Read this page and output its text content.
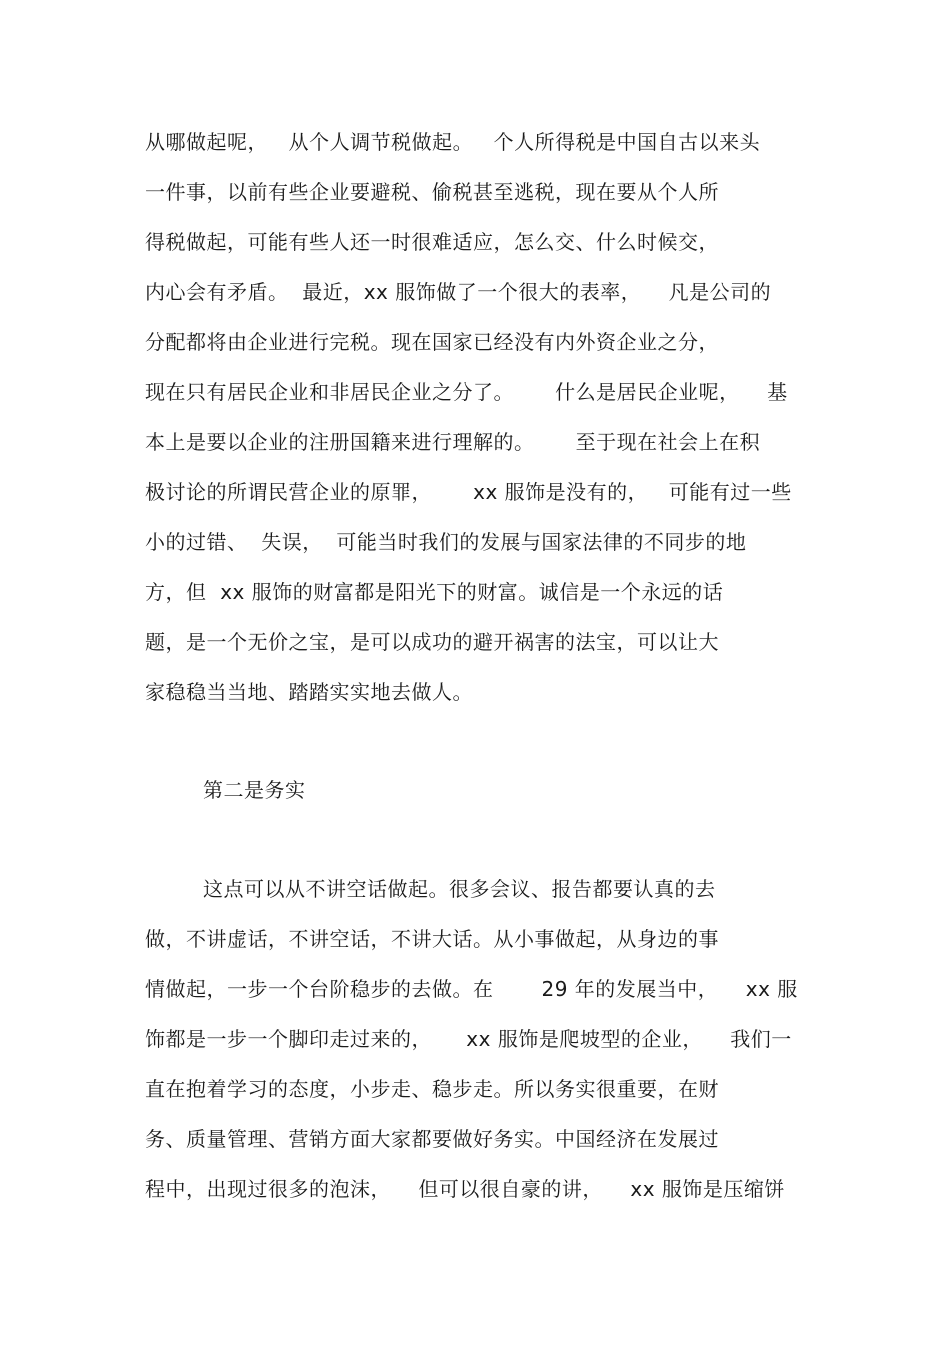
从哪做起呢，   从个人调节税做起。   个人所得税是中国自古以来头
一件事，以前有些企业要避税、偷税甚至逃税，现在要从个人所
得税做起，可能有些人还一时很难适应，怎么交、什么时候交，
内心会有矛盾。  最近，xx 服饰做了一个很大的表率，    凡是公司的
分配都将由企业进行完税。现在国家已经没有内外资企业之分，
现在只有居民企业和非居民企业之分了。      什么是居民企业呢，    基
本上是要以企业的注册国籍来进行理解的。      至于现在社会上在积
极讨论的所谓民营企业的原罪，      xx 服饰是没有的，   可能有过一些
小的过错、  失误，  可能当时我们的发展与国家法律的不同步的地
方，但  xx 服饰的财富都是阳光下的财富。诚信是一个永远的话
题，是一个无价之宝，是可以成功的避开祸害的法宝，可以让大
家稳稳当当地、踏踏实实地去做人。
第二是务实
这点可以从不讲空话做起。很多会议、报告都要认真的去
做，不讲虚话，不讲空话，不讲大话。从小事做起，从身边的事
情做起，一步一个台阶稳步的去做。在       29 年的发展当中，    xx 服
饰都是一步一个脚印走过来的，     xx 服饰是爬坡型的企业，    我们一
直在抱着学习的态度，小步走、稳步走。所以务实很重要，在财
务、质量管理、营销方面大家都要做好务实。中国经济在发展过
程中，出现过很多的泡沫，    但可以很自豪的讲，    xx 服饰是压缩饼
